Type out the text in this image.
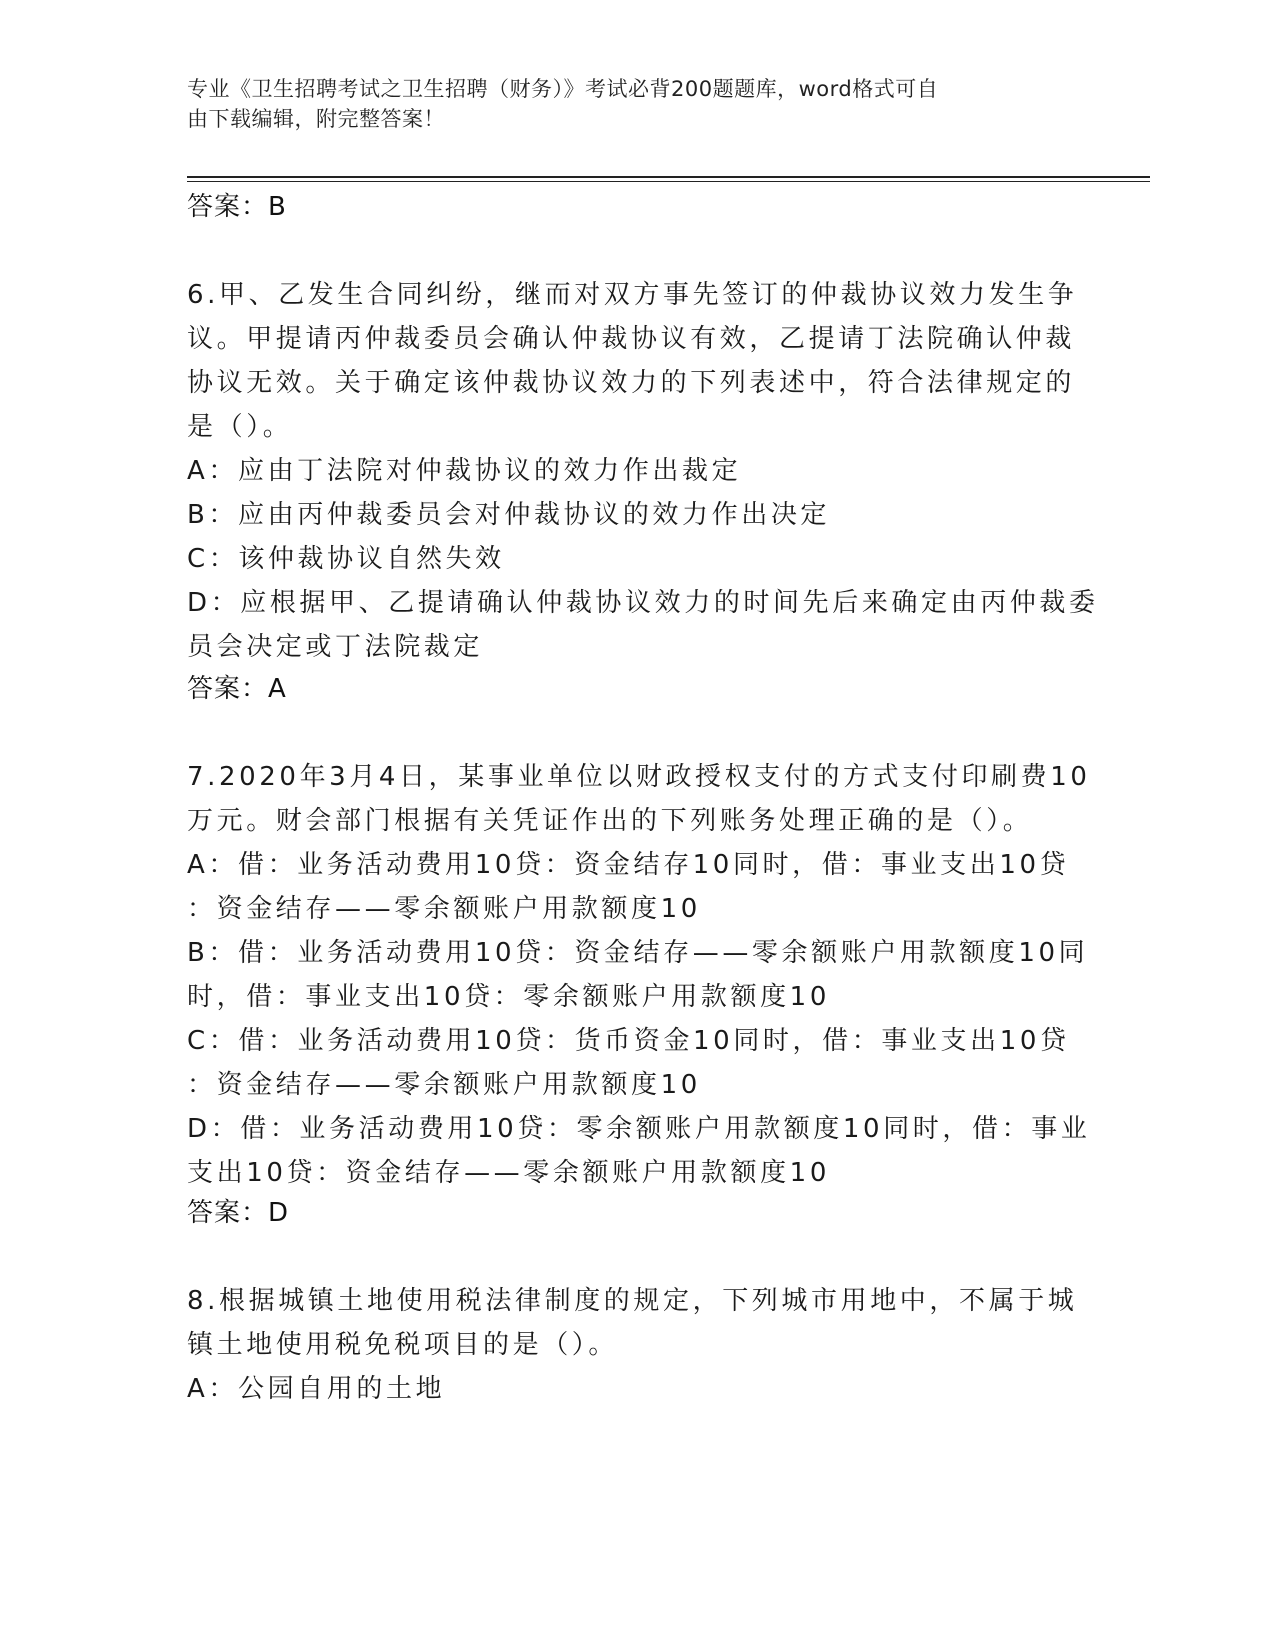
专业《卫生招聘考试之卫生招聘（财务）》考试必背200题题库，word格式可自
由下载编辑，附完整答案！

答案：B

6.甲、乙发生合同纠纷，继而对双方事先签订的仲裁协议效力发生争

议。甲提请丙仲裁委员会确认仲裁协议有效，乙提请丁法院确认仲裁

协议无效。关于确定该仲裁协议效力的下列表述中，符合法律规定的

是（）。

A：应由丁法院对仲裁协议的效力作出裁定

B：应由丙仲裁委员会对仲裁协议的效力作出决定

C：该仲裁协议自然失效

D：应根据甲、乙提请确认仲裁协议效力的时间先后来确定由丙仲裁委

员会决定或丁法院裁定

答案：A

7.2020年3月4日，某事业单位以财政授权支付的方式支付印刷费10

万元。财会部门根据有关凭证作出的下列账务处理正确的是（）。

A：借：业务活动费用10贷：资金结存10同时，借：事业支出10贷

：资金结存——零余额账户用款额度10

B：借：业务活动费用10贷：资金结存——零余额账户用款额度10同

时，借：事业支出10贷：零余额账户用款额度10

C：借：业务活动费用10贷：货币资金10同时，借：事业支出10贷

：资金结存——零余额账户用款额度10

D：借：业务活动费用10贷：零余额账户用款额度10同时，借：事业

支出10贷：资金结存——零余额账户用款额度10

答案：D

8.根据城镇土地使用税法律制度的规定，下列城市用地中，不属于城

镇土地使用税免税项目的是（）。

A：公园自用的土地
